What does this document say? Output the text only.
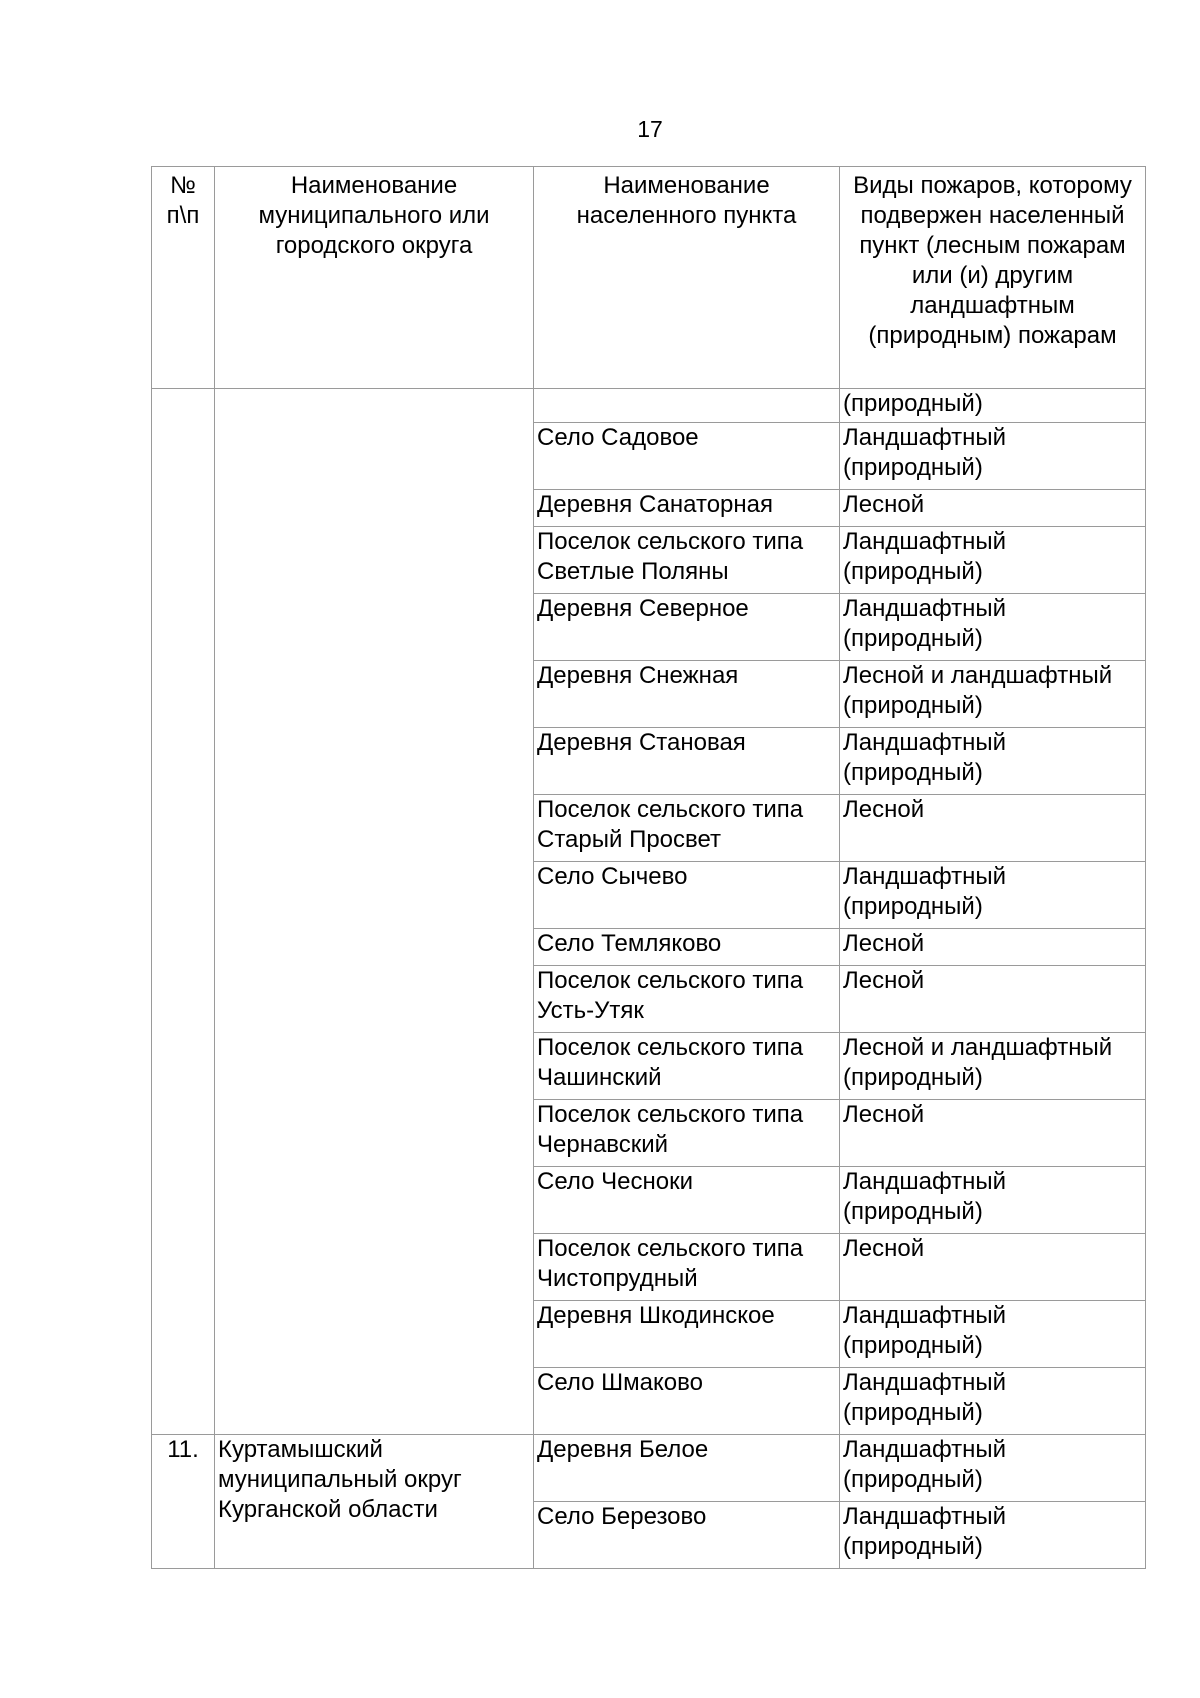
17
№ п\п	Наименование муниципального или городского округа	Наименование населенного пункта	Виды пожаров, которому подвержен населенный пункт (лесным пожарам или (и) другим ландшафтным (природным) пожарам
			(природный)
		Село Садовое	Ландшафтный (природный)
		Деревня Санаторная	Лесной
		Поселок сельского типа Светлые Поляны	Ландшафтный (природный)
		Деревня Северное	Ландшафтный (природный)
		Деревня Снежная	Лесной и ландшафтный (природный)
		Деревня Становая	Ландшафтный (природный)
		Поселок сельского типа Старый Просвет	Лесной
		Село Сычево	Ландшафтный (природный)
		Село Темляково	Лесной
		Поселок сельского типа Усть-Утяк	Лесной
		Поселок сельского типа Чашинский	Лесной и ландшафтный (природный)
		Поселок сельского типа Чернавский	Лесной
		Село Чесноки	Ландшафтный (природный)
		Поселок сельского типа Чистопрудный	Лесной
		Деревня Шкодинское	Ландшафтный (природный)
		Село Шмаково	Ландшафтный (природный)
11.	Куртамышский муниципальный округ Курганской области	Деревня Белое	Ландшафтный (природный)
		Село Березово	Ландшафтный (природный)
